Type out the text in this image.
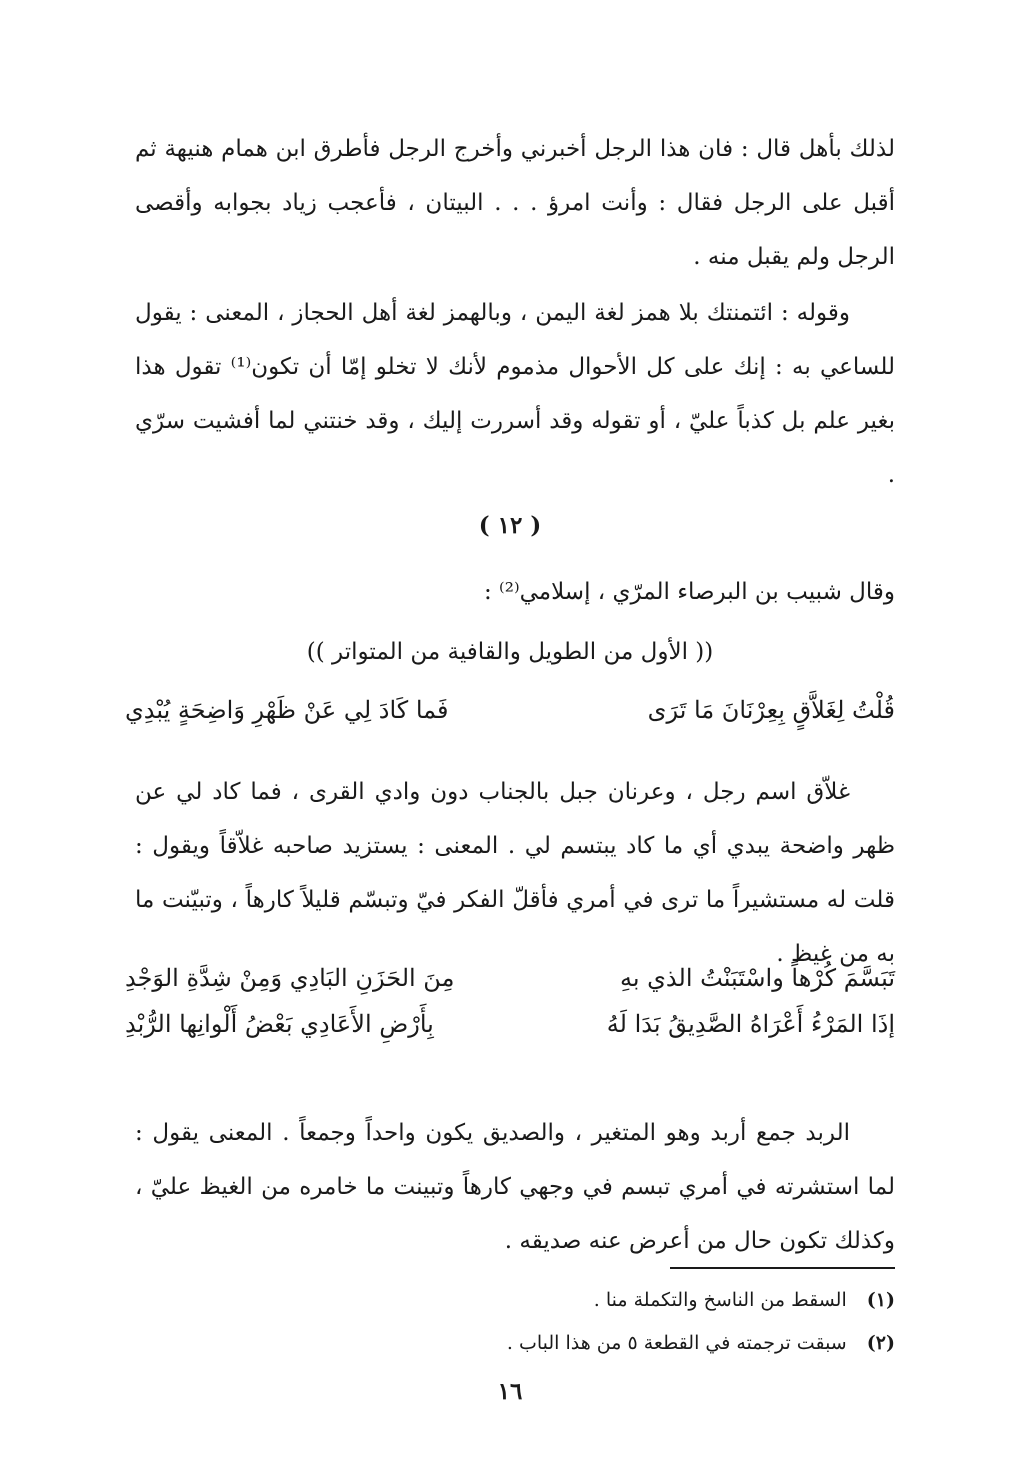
لذلك بأهل قال : فان هذا الرجل أخبرني وأخرج الرجل فأطرق ابن همام هنيهة ثم أقبل على الرجل فقال : وأنت امرؤ . . . البيتان ، فأعجب زياد بجوابه وأقصى الرجل ولم يقبل منه .

وقوله : ائتمنتك بلا همز لغة اليمن ، وبالهمز لغة أهل الحجاز ، المعنى : يقول للساعي به : إنك على كل الأحوال مذموم لأنك لا تخلو إمّا أن تكون⁽¹⁾ تقول هذا بغير علم بل كذباً عليّ ، أو تقوله وقد أسررت إليك ، وقد خنتني لما أفشيت سرّي .

( ١٢ )

وقال شبيب بن البرصاء المرّي ، إسلامي⁽²⁾ :

(( الأول من الطويل والقافية من المتواتر ))

قُلْتُ لِغَلاَّقٍ بِعِرْنَانَ مَا تَرَى
فَما كَادَ لِي عَنْ ظَهْرِ وَاضِحَةٍ يُبْدِي

غلاّق اسم رجل ، وعرنان جبل بالجناب دون وادي القرى ، فما كاد لي عن ظهر واضحة يبدي أي ما كاد يبتسم لي . المعنى : يستزيد صاحبه غلاّقاً ويقول : قلت له مستشيراً ما ترى في أمري فأقلّ الفكر فيّ وتبسّم قليلاً كارهاً ، وتبيّنت ما به من غيظ .

تَبَسَّمَ كُرْهاً واسْتَبَنْتُ الذي بهِ
مِنَ الحَزَنِ البَادِي وَمِنْ شِدَّةِ الوَجْدِ
إذَا المَرْءُ أَعْرَاهُ الصَّدِيقُ بَدَا لَهُ
بِأَرْضِ الأَعَادِي بَعْضُ أَلْوانِها الرُّبْدِ

الربد جمع أربد وهو المتغير ، والصديق يكون واحداً وجمعاً . المعنى يقول : لما استشرته في أمري تبسم في وجهي كارهاً وتبينت ما خامره من الغيظ عليّ ، وكذلك تكون حال من أعرض عنه صديقه .

(١) السقط من الناسخ والتكملة منا .

(٢) سبقت ترجمته في القطعة ٥ من هذا الباب .

١٦
